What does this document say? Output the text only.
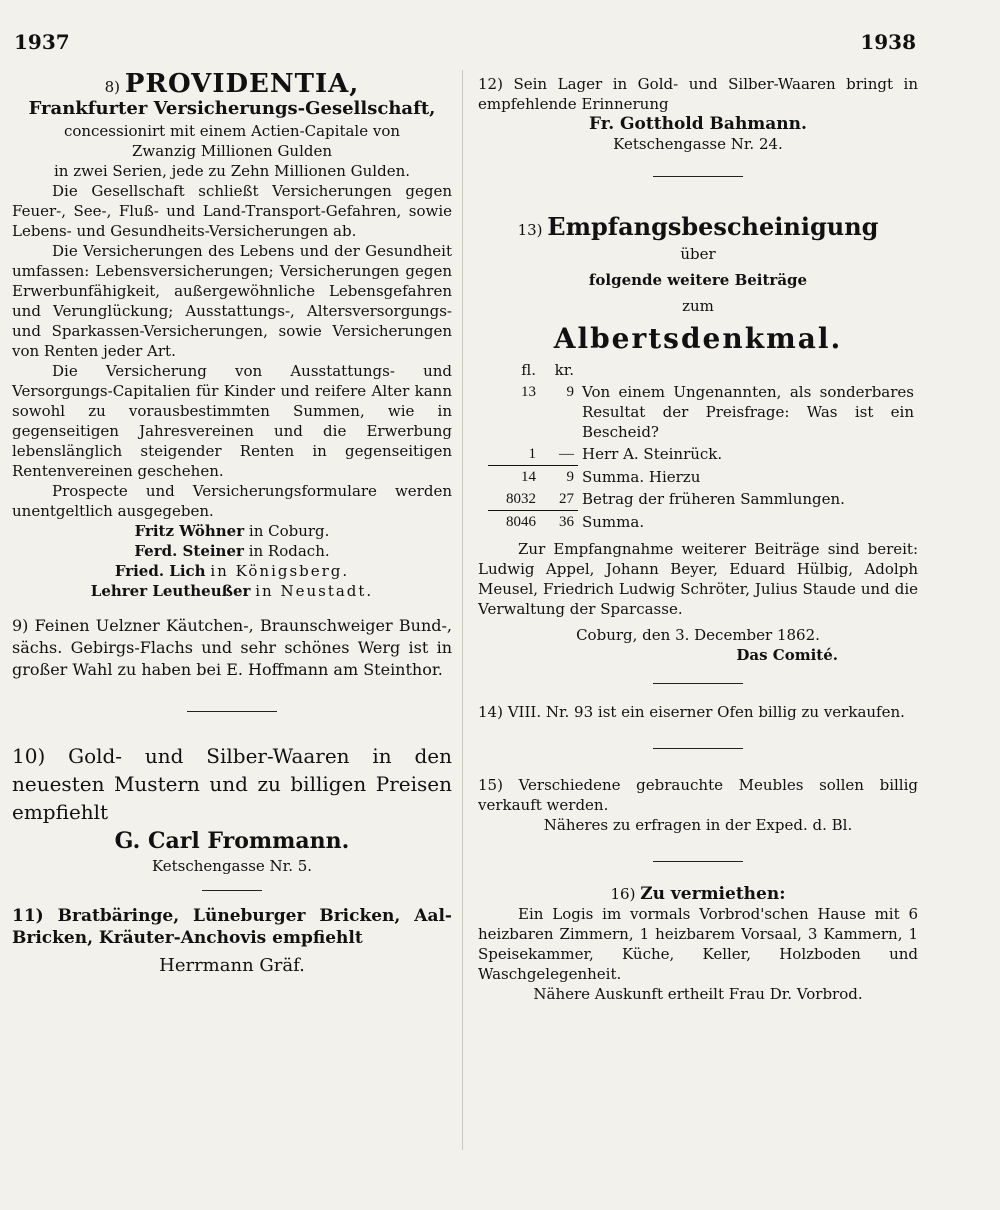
1937	1938
8) PROVIDENTIA,
Frankfurter Versicherungs-Gesellschaft,
concessionirt mit einem Actien-Capitale von
Zwanzig Millionen Gulden
in zwei Serien, jede zu Zehn Millionen Gulden.
Die Gesellschaft schließt Versicherungen gegen Feuer-, See-, Fluß- und Land-Transport-Gefahren, sowie Lebens- und Gesundheits-Versicherungen ab.
Die Versicherungen des Lebens und der Gesundheit umfassen: Lebensversicherungen; Versicherungen gegen Erwerbunfähigkeit, außergewöhnliche Lebensgefahren und Verunglückung; Ausstattungs-, Altersversorgungs- und Sparkassen-Versicherungen, sowie Versicherungen von Renten jeder Art.
Die Versicherung von Ausstattungs- und Versorgungs-Capitalien für Kinder und reifere Alter kann sowohl zu vorausbestimmten Summen, wie in gegenseitigen Jahresvereinen und die Erwerbung lebenslänglich steigender Renten in gegenseitigen Rentenvereinen geschehen.
Prospecte und Versicherungsformulare werden unentgeltlich ausgegeben.
Fritz Wöhner in Coburg.
Ferd. Steiner in Rodach.
Fried. Lich in Königsberg.
Lehrer Leutheußer in Neustadt.
9) Feinen Uelzner Käutchen-, Braunschweiger Bund-, sächs. Gebirgs-Flachs und sehr schönes Werg ist in großer Wahl zu haben bei E. Hoffmann am Steinthor.
10) Gold- und Silber-Waaren in den neuesten Mustern und zu billigen Preisen empfiehlt
G. Carl Frommann.
Ketschengasse Nr. 5.
11) Bratbäringe, Lüneburger Bricken, Aal-Bricken, Kräuter-Anchovis empfiehlt
Herrmann Gräf.
12) Sein Lager in Gold- und Silber-Waaren bringt in empfehlende Erinnerung
Fr. Gotthold Bahmann.
Ketschengasse Nr. 24.
13) Empfangsbescheinigung
über
folgende weitere Beiträge
zum
Albertsdenkmal.
fl.	kr.	
13	9	Von einem Ungenannten, als sonderbares Resultat der Preisfrage: Was ist ein Bescheid?
1	—	Herr A. Steinrück.
14	9	Summa. Hierzu
8032	27	Betrag der früheren Sammlungen.
8046	36	Summa.
Zur Empfangnahme weiterer Beiträge sind bereit: Ludwig Appel, Johann Beyer, Eduard Hülbig, Adolph Meusel, Friedrich Ludwig Schröter, Julius Staude und die Verwaltung der Sparcasse.
Coburg, den 3. December 1862.
Das Comité.
14) VIII. Nr. 93 ist ein eiserner Ofen billig zu verkaufen.
15) Verschiedene gebrauchte Meubles sollen billig verkauft werden.
Näheres zu erfragen in der Exped. d. Bl.
16) Zu vermiethen:
Ein Logis im vormals Vorbrod'schen Hause mit 6 heizbaren Zimmern, 1 heizbarem Vorsaal, 3 Kammern, 1 Speisekammer, Küche, Keller, Holzboden und Waschgelegenheit.
Nähere Auskunft ertheilt Frau Dr. Vorbrod.
